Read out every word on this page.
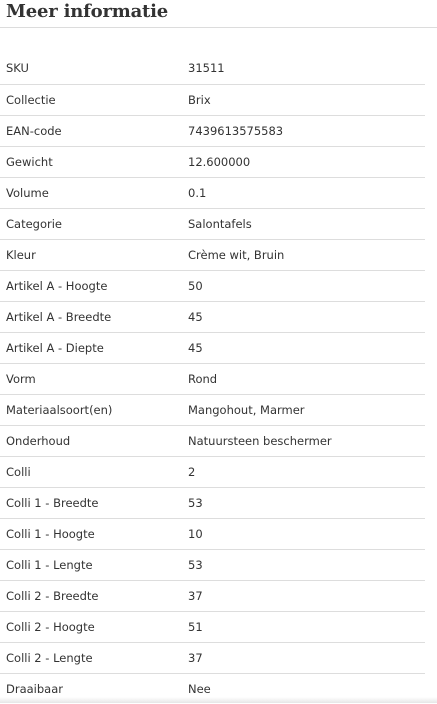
Meer informatie
SKU	31511
Collectie	Brix
EAN-code	7439613575583
Gewicht	12.600000
Volume	0.1
Categorie	Salontafels
Kleur	Crème wit, Bruin
Artikel A - Hoogte	50
Artikel A - Breedte	45
Artikel A - Diepte	45
Vorm	Rond
Materiaalsoort(en)	Mangohout, Marmer
Onderhoud	Natuursteen beschermer
Colli	2
Colli 1 - Breedte	53
Colli 1 - Hoogte	10
Colli 1 - Lengte	53
Colli 2 - Breedte	37
Colli 2 - Hoogte	51
Colli 2 - Lengte	37
Draaibaar	Nee
